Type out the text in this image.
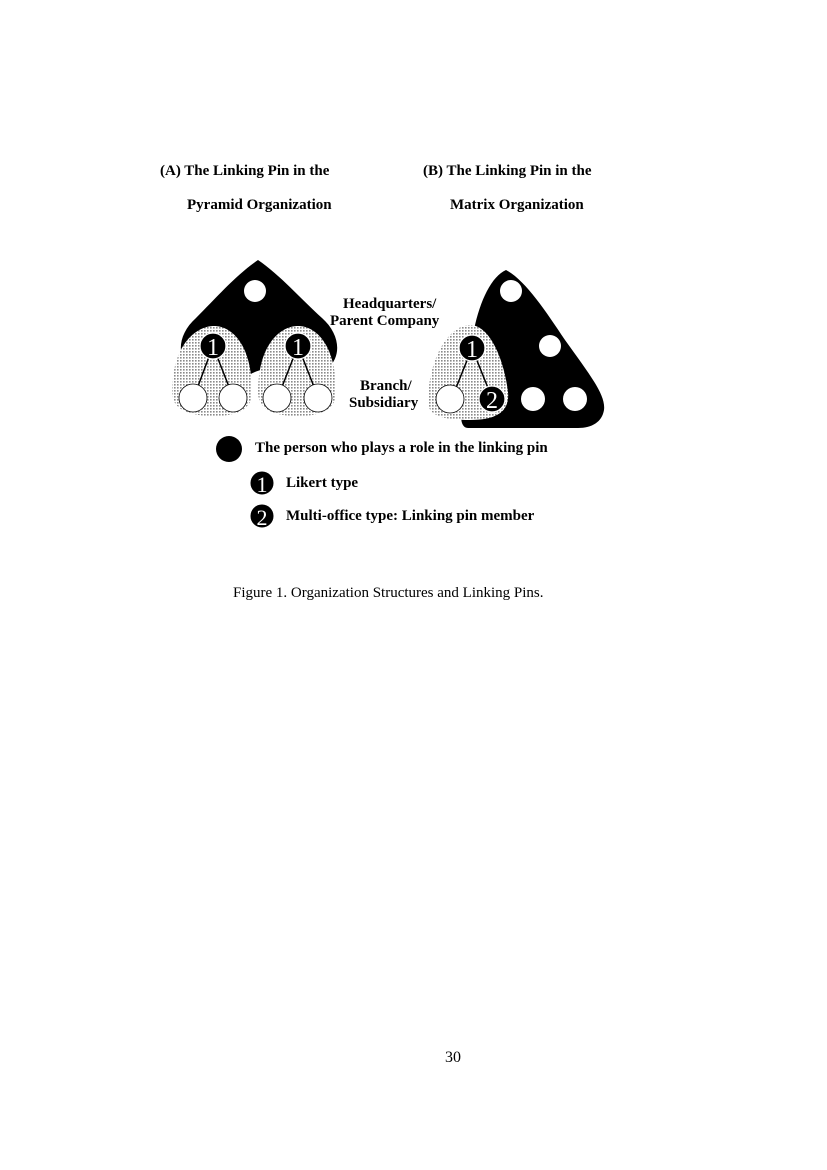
(A) The Linking Pin in the
Pyramid Organization
(B) The Linking Pin in the
Matrix Organization
1	1	1
2
1
2
Headquarters/
Parent Company
Branch/
Subsidiary
The person who plays a role in the linking pin
Likert type
Multi-office type: Linking pin member
Figure 1. Organization Structures and Linking Pins.
30
